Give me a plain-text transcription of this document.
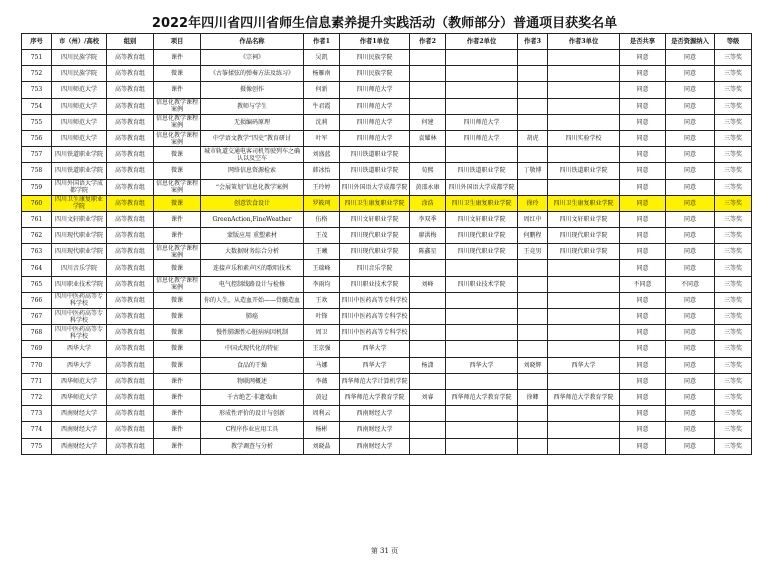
2022年四川省四川省师生信息素养提升实践活动（教师部分）普通项目获奖名单
序号	市（州）/高校	组别	项目	作品名称	作者1	作者1单位	作者2	作者2单位	作者3	作者3单位	是否共享	是否资源纳入	等级
751	四川民族学院	高等教育组	课件	《宗祠》	吴凯	四川民族学院					同意	同意	三等奖
752	四川民族学院	高等教育组	微课	《古筝揉弦的弹奏方法及练习》	杨雁南	四川民族学院					同意	同意	三等奖
753	四川师范大学	高等教育组	课件	摄像创作	何新	四川师范大学					同意	同意	三等奖
754	四川师范大学	高等教育组	信息化教学课程案例	教师与学生	牛君霞	四川师范大学					同意	同意	三等奖
755	四川师范大学	高等教育组	信息化教学课程案例	无损编码原理	沈莉	四川师范大学	何建	四川师范大学			同意	同意	三等奖
756	四川师范大学	高等教育组	信息化教学课程案例	中学语文教学“四史”教育研讨	叶军	四川师范大学	袁耀林	四川师范大学	胡虎	四川实验学校	同意	同意	三等奖
757	四川铁道职业学院	高等教育组	微课	城市轨道交通电客司机驾驶列车之确认以及空车	刘盛蓝	四川铁道职业学院					同意	同意	三等奖
758	四川铁道职业学院	高等教育组	微课	网络信息资源检索	韩冰怡	四川铁道职业学院	荀熙	四川铁道职业学院	丁敬博	四川铁道职业学院	同意	同意	三等奖
759	四川外国语大学成都学院	高等教育组	信息化教学课程案例	“会展策划”信息化教学案例	王玲婷	四川外国语大学成都学院	黄邵永康	四川外国语大学成都学院			同意	同意	三等奖
760	四川卫生康复职业学院	高等教育组	微课	创意饮食设计	罗筱珂	四川卫生康复职业学院	涂浩	四川卫生康复职业学院	徐玲	四川卫生康复职业学院	同意	同意	三等奖
761	四川文轩职业学院	高等教育组	课件	GreenAction,FineWeather	伍格	四川文轩职业学院	李双季	四川文轩职业学院	周红中	四川文轩职业学院	同意	同意	三等奖
762	四川现代职业学院	高等教育组	课件	蒙版应用 重塑素材	王茂	四川现代职业学院	廖洪梅	四川现代职业学院	何鹏程	四川现代职业学院	同意	同意	三等奖
763	四川现代职业学院	高等教育组	信息化教学课程案例	大数据财务综合分析	王曦	四川现代职业学院	陈鑫星	四川现代职业学院	王竞男	四川现代职业学院	同意	同意	三等奖
764	四川音乐学院	高等教育组	微课	连接声乐和素声区的歌唱技术	王瑞峰	四川音乐学院					同意	同意	三等奖
765	四川职业技术学院	高等教育组	信息化教学课程案例	电气控制线路设计与检修	李雨均	四川职业技术学院	刘峰	四川职业技术学院			不同意	不同意	三等奖
766	四川中医药高等专科学校	高等教育组	微课	你的人生，从造血开始——骨髓造血	王欢	四川中医药高等专科学校					同意	同意	三等奖
767	四川中医药高等专科学校	高等教育组	微课	肺癌	叶锋	四川中医药高等专科学校					同意	同意	三等奖
768	四川中医药高等专科学校	高等教育组	微课	慢性肺源性心脏病病因机制	周卫	四川中医药高等专科学校					同意	同意	三等奖
769	西华大学	高等教育组	微课	中国式现代化的特征	王京强	西华大学					同意	同意	三等奖
770	西华大学	高等教育组	微课	食品的干燥	马娜	西华大学	杨潇	西华大学	刘晓辉	西华大学	同意	同意	三等奖
771	西华师范大学	高等教育组	课件	物联网概述	李薇	西华师范大学计算机学院					同意	同意	三等奖
772	西华师范大学	高等教育组	课件	千古绝艺·非遗戏曲	黄冠	西华师范大学教育学院	刘睿	西华师范大学教育学院	徐卿	西华师范大学教育学院	同意	同意	三等奖
773	西南财经大学	高等教育组	课件	形成性评价的设计与创新	周利云	西南财经大学					同意	同意	三等奖
774	西南财经大学	高等教育组	课件	C程序作业应用工具	杨彬	西南财经大学					同意	同意	三等奖
775	西南财经大学	高等教育组	课件	教学调查与分析	刘晓晶	西南财经大学					同意	同意	三等奖
第 31 页
